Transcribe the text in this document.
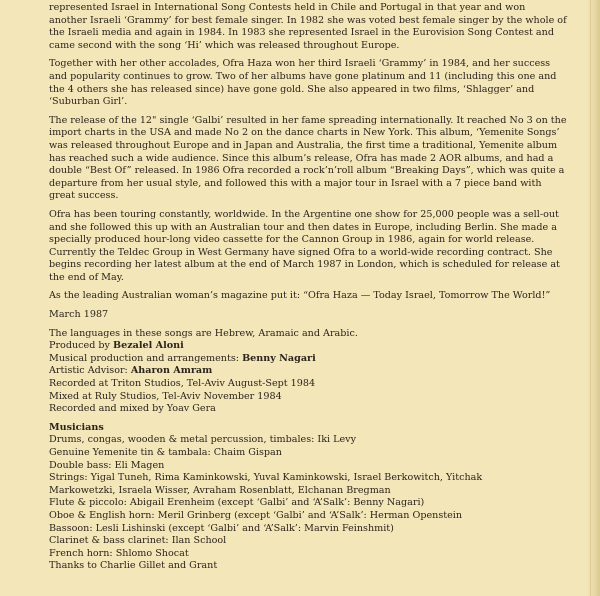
represented Israel in International Song Contests held in Chile and Portugal in that year and won
another Israeli ‘Grammy’ for best female singer. In 1982 she was voted best female singer by the whole of
the Israeli media and again in 1984. In 1983 she represented Israel in the Eurovision Song Contest and
came second with the song ‘Hi’ which was released throughout Europe.

Together with her other accolades, Ofra Haza won her third Israeli ‘Grammy’ in 1984, and her success
and popularity continues to grow. Two of her albums have gone platinum and 11 (including this one and
the 4 others she has released since) have gone gold. She also appeared in two films, ‘Shlagger’ and
‘Suburban Girl’.

The release of the 12" single ‘Galbi’ resulted in her fame spreading internationally. It reached No 3 on the
import charts in the USA and made No 2 on the dance charts in New York. This album, ‘Yemenite Songs’
was released throughout Europe and in Japan and Australia, the first time a traditional, Yemenite album
has reached such a wide audience. Since this album’s release, Ofra has made 2 AOR albums, and had a
double “Best Of” released. In 1986 Ofra recorded a rock’n’roll album “Breaking Days”, which was quite a
departure from her usual style, and followed this with a major tour in Israel with a 7 piece band with
great success.

Ofra has been touring constantly, worldwide. In the Argentine one show for 25,000 people was a sell-out
and she followed this up with an Australian tour and then dates in Europe, including Berlin. She made a
specially produced hour-long video cassette for the Cannon Group in 1986, again for world release.
Currently the Teldec Group in West Germany have signed Ofra to a world-wide recording contract. She
begins recording her latest album at the end of March 1987 in London, which is scheduled for release at
the end of May.

As the leading Australian woman’s magazine put it: “Ofra Haza — Today Israel, Tomorrow The World!”

March 1987

The languages in these songs are Hebrew, Aramaic and Arabic.
Produced by Bezalel Aloni
Musical production and arrangements: Benny Nagari
Artistic Advisor: Aharon Amram
Recorded at Triton Studios, Tel-Aviv August-Sept 1984
Mixed at Ruly Studios, Tel-Aviv November 1984
Recorded and mixed by Yoav Gera
Musicians
Drums, congas, wooden & metal percussion, timbales: Iki Levy
Genuine Yemenite tin & tambala: Chaim Gispan
Double bass: Eli Magen
Strings: Yigal Tuneh, Rima Kaminkowski, Yuval Kaminkowski, Israel Berkowitch, Yitchak
Markowetzki, Israela Wisser, Avraham Rosenblatt, Elchanan Bregman
Flute & piccolo: Abigail Erenheim (except ‘Galbi’ and ‘A’Salk’: Benny Nagari)
Oboe & English horn: Meril Grinberg (except ‘Galbi’ and ‘A’Salk’: Herman Openstein
Bassoon: Lesli Lishinski (except ‘Galbi’ and ‘A’Salk’: Marvin Feinshmit)
Clarinet & bass clarinet: Ilan School
French horn: Shlomo Shocat
Thanks to Charlie Gillet and Grant
